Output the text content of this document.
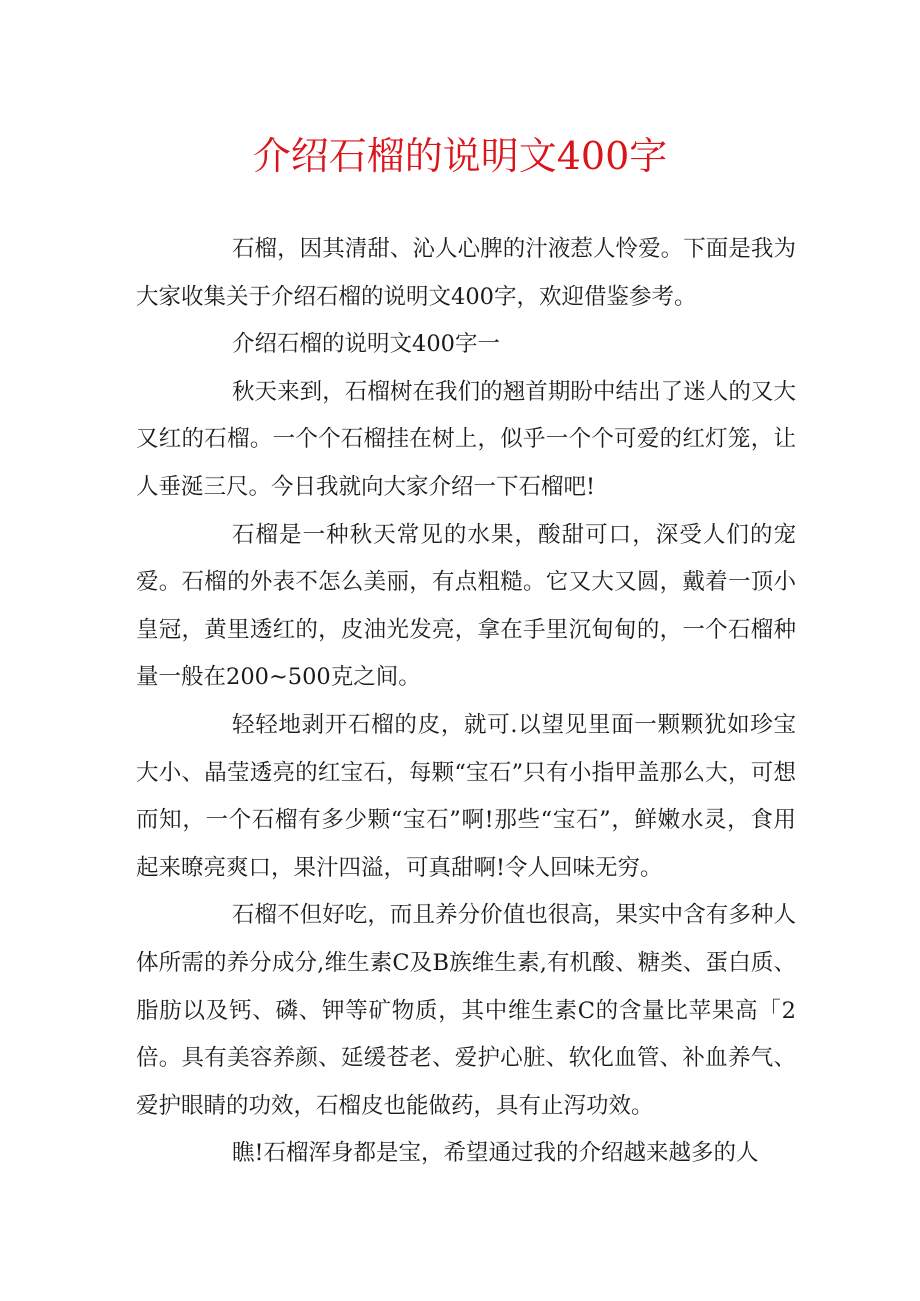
介绍石榴的说明文400字

石榴，因其清甜、沁人心脾的汁液惹人怜爱。下面是我为大家收集关于介绍石榴的说明文400字，欢迎借鉴参考。

介绍石榴的说明文400字一

秋天来到，石榴树在我们的翘首期盼中结出了迷人的又大又红的石榴。一个个石榴挂在树上，似乎一个个可爱的红灯笼，让人垂涎三尺。今日我就向大家介绍一下石榴吧!

石榴是一种秋天常见的水果，酸甜可口，深受人们的宠爱。石榴的外表不怎么美丽，有点粗糙。它又大又圆，戴着一顶小皇冠，黄里透红的，皮油光发亮，拿在手里沉甸甸的，一个石榴种量一般在200~500克之间。

轻轻地剥开石榴的皮，就可.以望见里面一颗颗犹如珍宝大小、晶莹透亮的红宝石，每颗“宝石”只有小指甲盖那么大，可想而知，一个石榴有多少颗“宝石”啊!那些“宝石”，鲜嫩水灵，食用起来暸亮爽口，果汁四溢，可真甜啊!令人回味无穷。

石榴不但好吃，而且养分价值也很高，果实中含有多种人体所需的养分成分,维生素C及B族维生素,有机酸、糖类、蛋白质、脂肪以及钙、磷、钾等矿物质，其中维生素C的含量比苹果高「2倍。具有美容养颜、延缓苍老、爱护心脏、软化血管、补血养气、爱护眼睛的功效，石榴皮也能做药，具有止泻功效。

瞧!石榴浑身都是宝，希望通过我的介绍越来越多的人
